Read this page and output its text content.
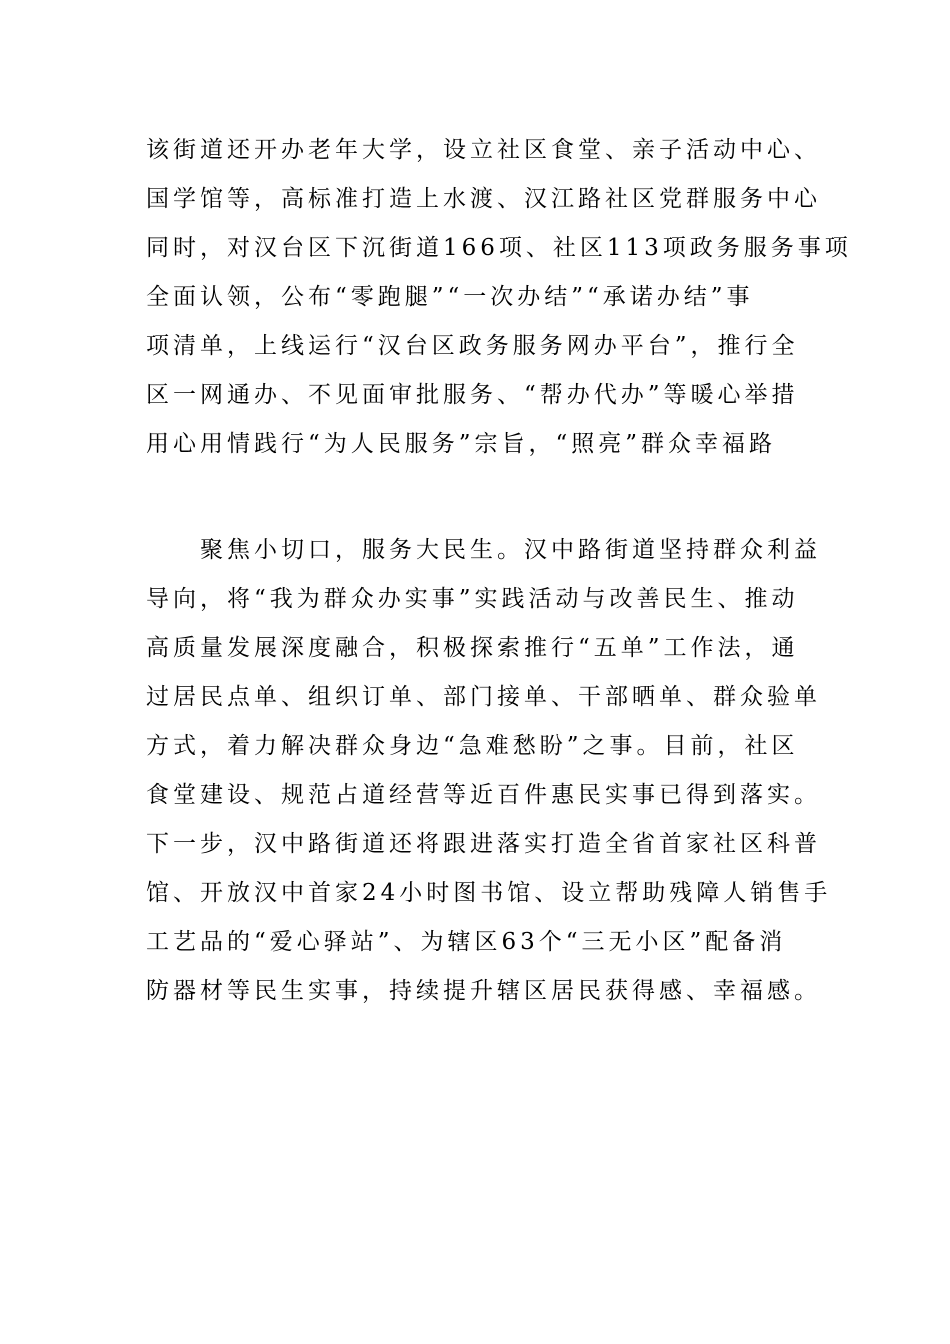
该街道还开办老年大学，设立社区食堂、亲子活动中心、
国学馆等，高标准打造上水渡、汉江路社区党群服务中心
同时，对汉台区下沉街道166项、社区113项政务服务事项
全面认领，公布“零跑腿”“一次办结”“承诺办结”事
项清单，上线运行“汉台区政务服务网办平台”，推行全
区一网通办、不见面审批服务、“帮办代办”等暖心举措
用心用情践行“为人民服务”宗旨，“照亮”群众幸福路
　　聚焦小切口，服务大民生。汉中路街道坚持群众利益
导向，将“我为群众办实事”实践活动与改善民生、推动
高质量发展深度融合，积极探索推行“五单”工作法，通
过居民点单、组织订单、部门接单、干部晒单、群众验单
方式，着力解决群众身边“急难愁盼”之事。目前，社区
食堂建设、规范占道经营等近百件惠民实事已得到落实。
下一步，汉中路街道还将跟进落实打造全省首家社区科普
馆、开放汉中首家24小时图书馆、设立帮助残障人销售手
工艺品的“爱心驿站”、为辖区63个“三无小区”配备消
防器材等民生实事，持续提升辖区居民获得感、幸福感。
